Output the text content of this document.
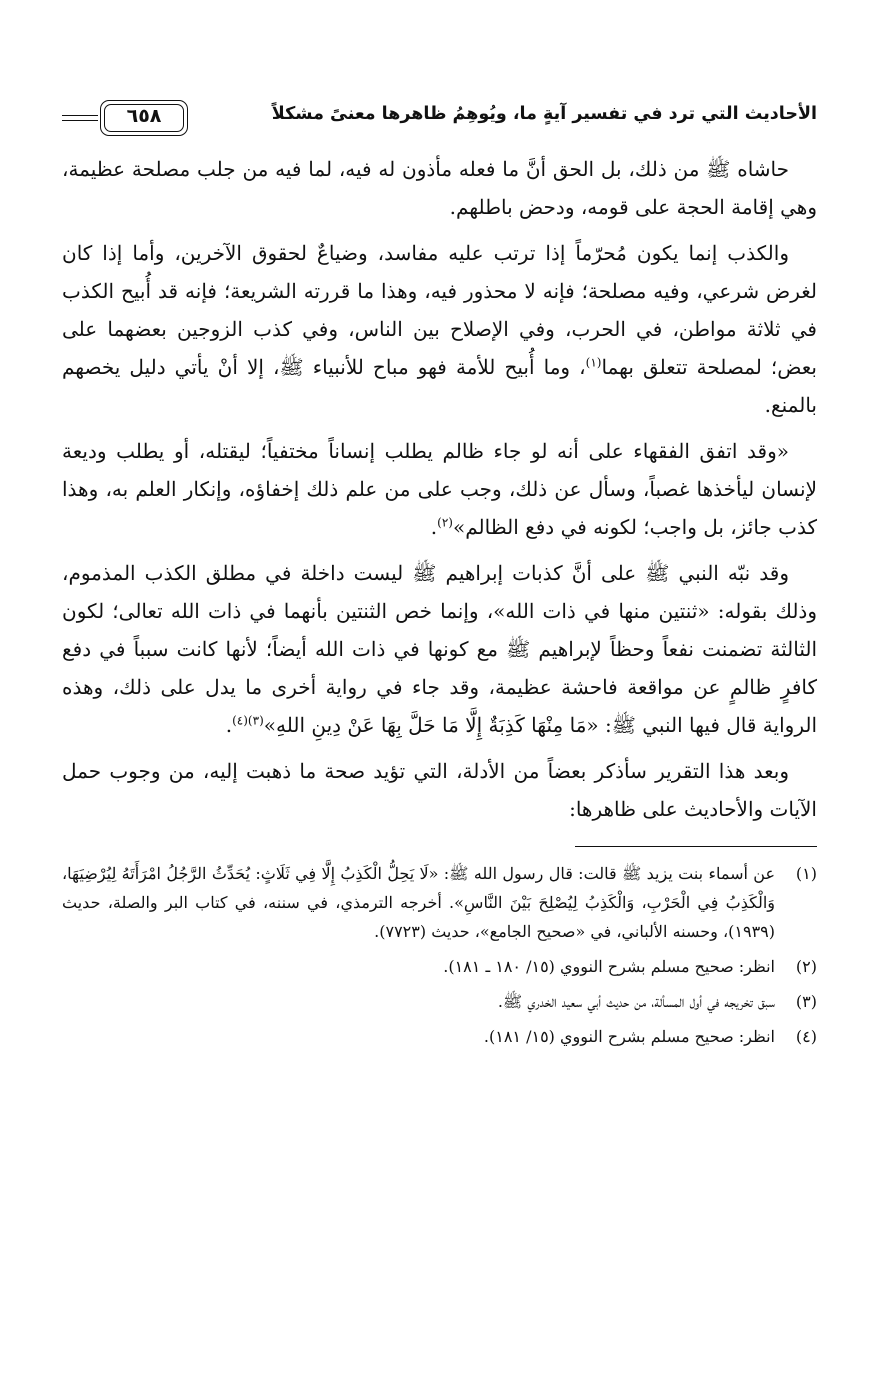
الأحاديث التي ترد في تفسير آيةٍ ما، ويُوهِمُ ظاهرها معنىً مشكلاً
٦٥٨

حاشاه ﷺ من ذلك، بل الحق أنَّ ما فعله مأذون له فيه، لما فيه من جلب مصلحة عظيمة، وهي إقامة الحجة على قومه، ودحض باطلهم.

والكذب إنما يكون مُحرّماً إذا ترتب عليه مفاسد، وضياعٌ لحقوق الآخرين، وأما إذا كان لغرض شرعي، وفيه مصلحة؛ فإنه لا محذور فيه، وهذا ما قررته الشريعة؛ فإنه قد أُبيح الكذب في ثلاثة مواطن، في الحرب، وفي الإصلاح بين الناس، وفي كذب الزوجين بعضهما على بعض؛ لمصلحة تتعلق بهما$^{(١)}$، وما أُبيح للأمة فهو مباح للأنبياء ﷺ، إلا أنْ يأتي دليل يخصهم بالمنع.

«وقد اتفق الفقهاء على أنه لو جاء ظالم يطلب إنساناً مختفياً؛ ليقتله، أو يطلب وديعة لإنسان ليأخذها غصباً، وسأل عن ذلك، وجب على من علم ذلك إخفاؤه، وإنكار العلم به، وهذا كذب جائز، بل واجب؛ لكونه في دفع الظالم»$^{(٢)}$.

وقد نبّه النبي ﷺ على أنَّ كذبات إبراهيم ﷺ ليست داخلة في مطلق الكذب المذموم، وذلك بقوله: «ثنتين منها في ذات الله»، وإنما خص الثنتين بأنهما في ذات الله تعالى؛ لكون الثالثة تضمنت نفعاً وحظاً لإبراهيم ﷺ مع كونها في ذات الله أيضاً؛ لأنها كانت سبباً في دفع كافرٍ ظالمٍ عن مواقعة فاحشة عظيمة، وقد جاء في رواية أخرى ما يدل على ذلك، وهذه الرواية قال فيها النبي ﷺ: «مَا مِنْهَا كَذِبَةٌ إِلَّا مَا حَلَّ بِهَا عَنْ دِينِ اللهِ»$^{(٣)(٤)}$.

وبعد هذا التقرير سأذكر بعضاً من الأدلة، التي تؤيد صحة ما ذهبت إليه، من وجوب حمل الآيات والأحاديث على ظاهرها:

(١)
عن أسماء بنت يزيد ﷺ قالت: قال رسول الله ﷺ: «لَا يَحِلُّ الْكَذِبُ إِلَّا فِي ثَلَاثٍ: يُحَدِّثُ الرَّجُلُ امْرَأَتَهُ لِيُرْضِيَهَا، وَالْكَذِبُ فِي الْحَرْبِ، وَالْكَذِبُ لِيُصْلِحَ بَيْنَ النَّاسِ». أخرجه الترمذي، في سننه، في كتاب البر والصلة، حديث (١٩٣٩)، وحسنه الألباني، في «صحيح الجامع»، حديث (٧٧٢٣).
(٢)
انظر: صحيح مسلم بشرح النووي (١٥/ ١٨٠ ـ ١٨١).
(٣)
سبق تخريجه في أول المسألة، من حديث أبي سعيد الخدري ﷺ.
(٤)
انظر: صحيح مسلم بشرح النووي (١٥/ ١٨١).
